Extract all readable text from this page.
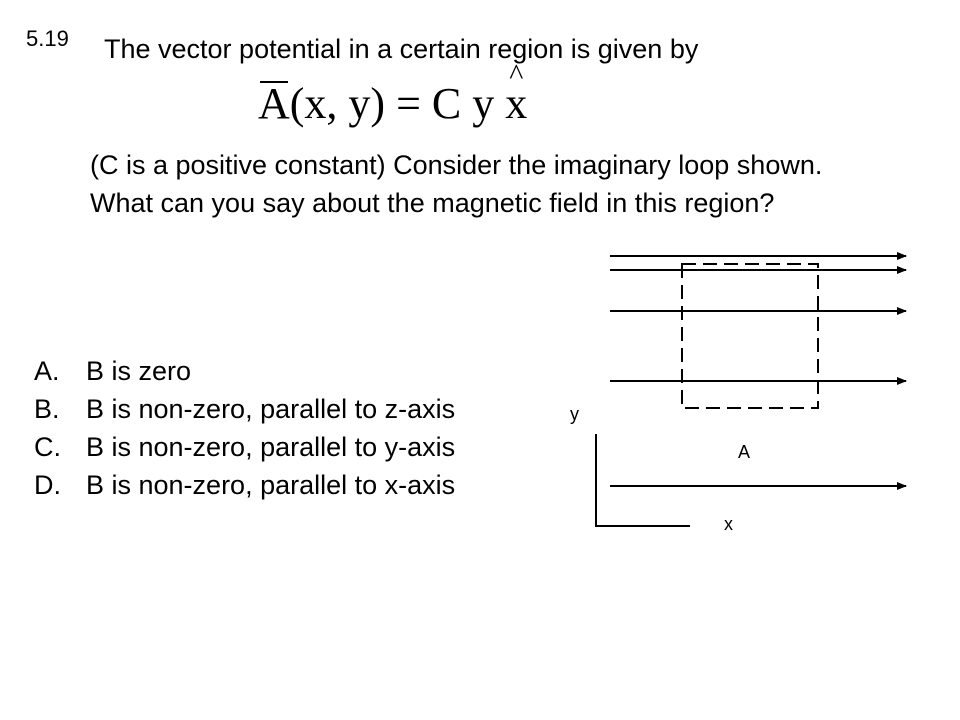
5.19 The vector potential in a certain region is given by
A(x, y) = C y ^ x
(C is a positive constant) Consider the imaginary loop shown. What can you say about the magnetic field in this region?
A. B is zero
B. B is non-zero, parallel to z-axis
C. B is non-zero, parallel to y-axis
D. B is non-zero, parallel to x-axis
y
x
A
